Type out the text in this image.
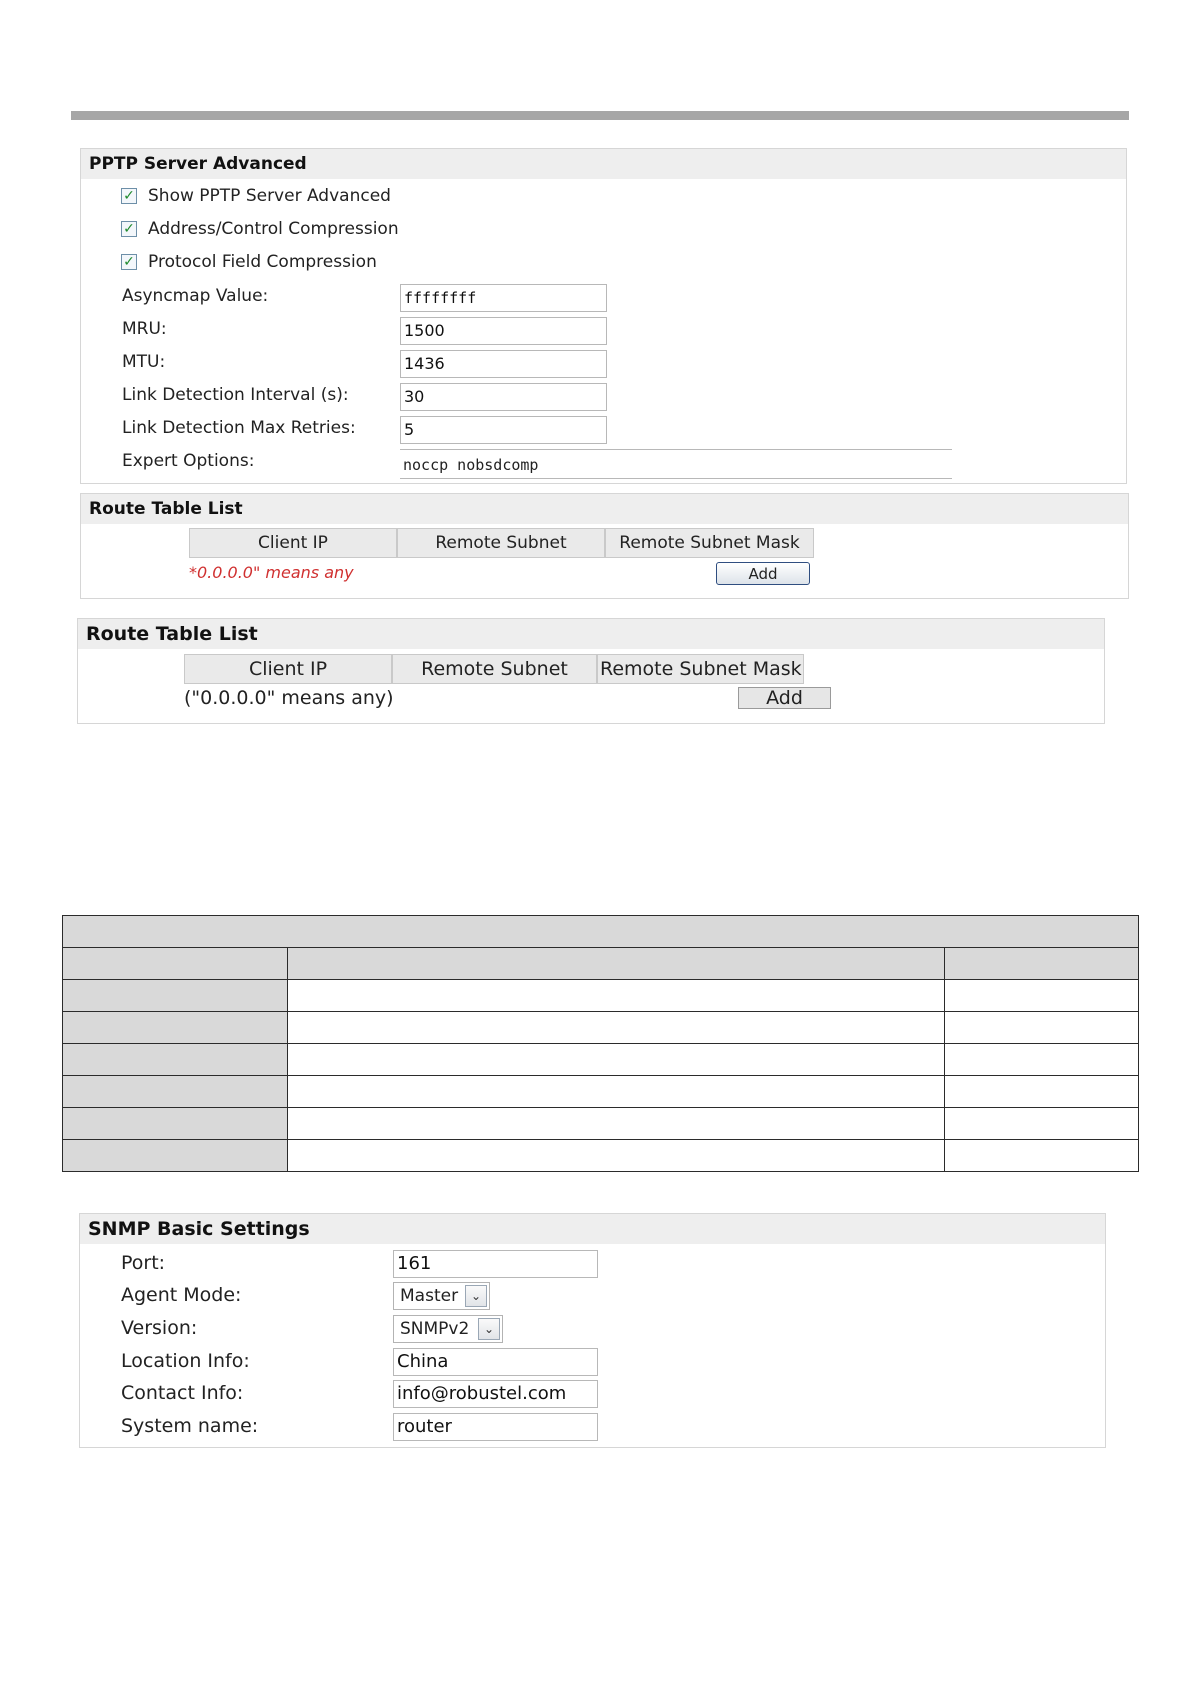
PPTP Server Advanced
✓ Show PPTP Server Advanced
✓ Address/Control Compression
✓ Protocol Field Compression
Asyncmap Value:	ffffffff
MRU:	1500
MTU:	1436
Link Detection Interval (s):	30
Link Detection Max Retries:	5
Expert Options:	noccp nobsdcomp
Route Table List
Client IP	Remote Subnet	Remote Subnet Mask
*0.0.0.0" means any	Add
Route Table List
Client IP	Remote Subnet	Remote Subnet Mask
("0.0.0.0" means any)	Add

SNMP Basic Settings
Port:	161
Agent Mode:	Master	⌄
Version:	SNMPv2	⌄
Location Info:	China
Contact Info:	info@robustel.com
System name:	router
